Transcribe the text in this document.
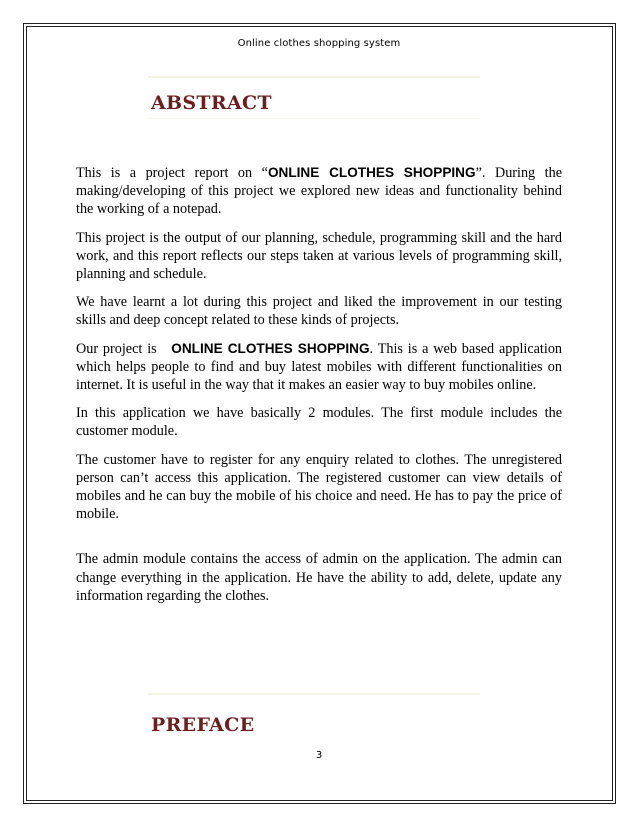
Online clothes shopping system
ABSTRACT

This is a project report on “ONLINE CLOTHES SHOPPING”. During the making/developing of this project we explored new ideas and functionality behind the working of a notepad.

This project is the output of our planning, schedule, programming skill and the hard work, and this report reflects our steps taken at various levels of programming skill, planning and schedule.

We have learnt a lot during this project and liked the improvement in our testing skills and deep concept related to these kinds of projects.

Our project is   ONLINE CLOTHES SHOPPING. This is a web based application which helps people to find and buy latest mobiles with different functionalities on internet. It is useful in the way that it makes an easier way to buy mobiles online.

In this application we have basically 2 modules. The first module includes the customer module.

The customer have to register for any enquiry related to clothes. The unregistered person can’t access this application. The registered customer can view details of mobiles and he can buy the mobile of his choice and need. He has to pay the price of mobile.

The admin module contains the access of admin on the application. The admin can change everything in the application. He have the ability to add, delete, update any information regarding the clothes.

PREFACE
3
